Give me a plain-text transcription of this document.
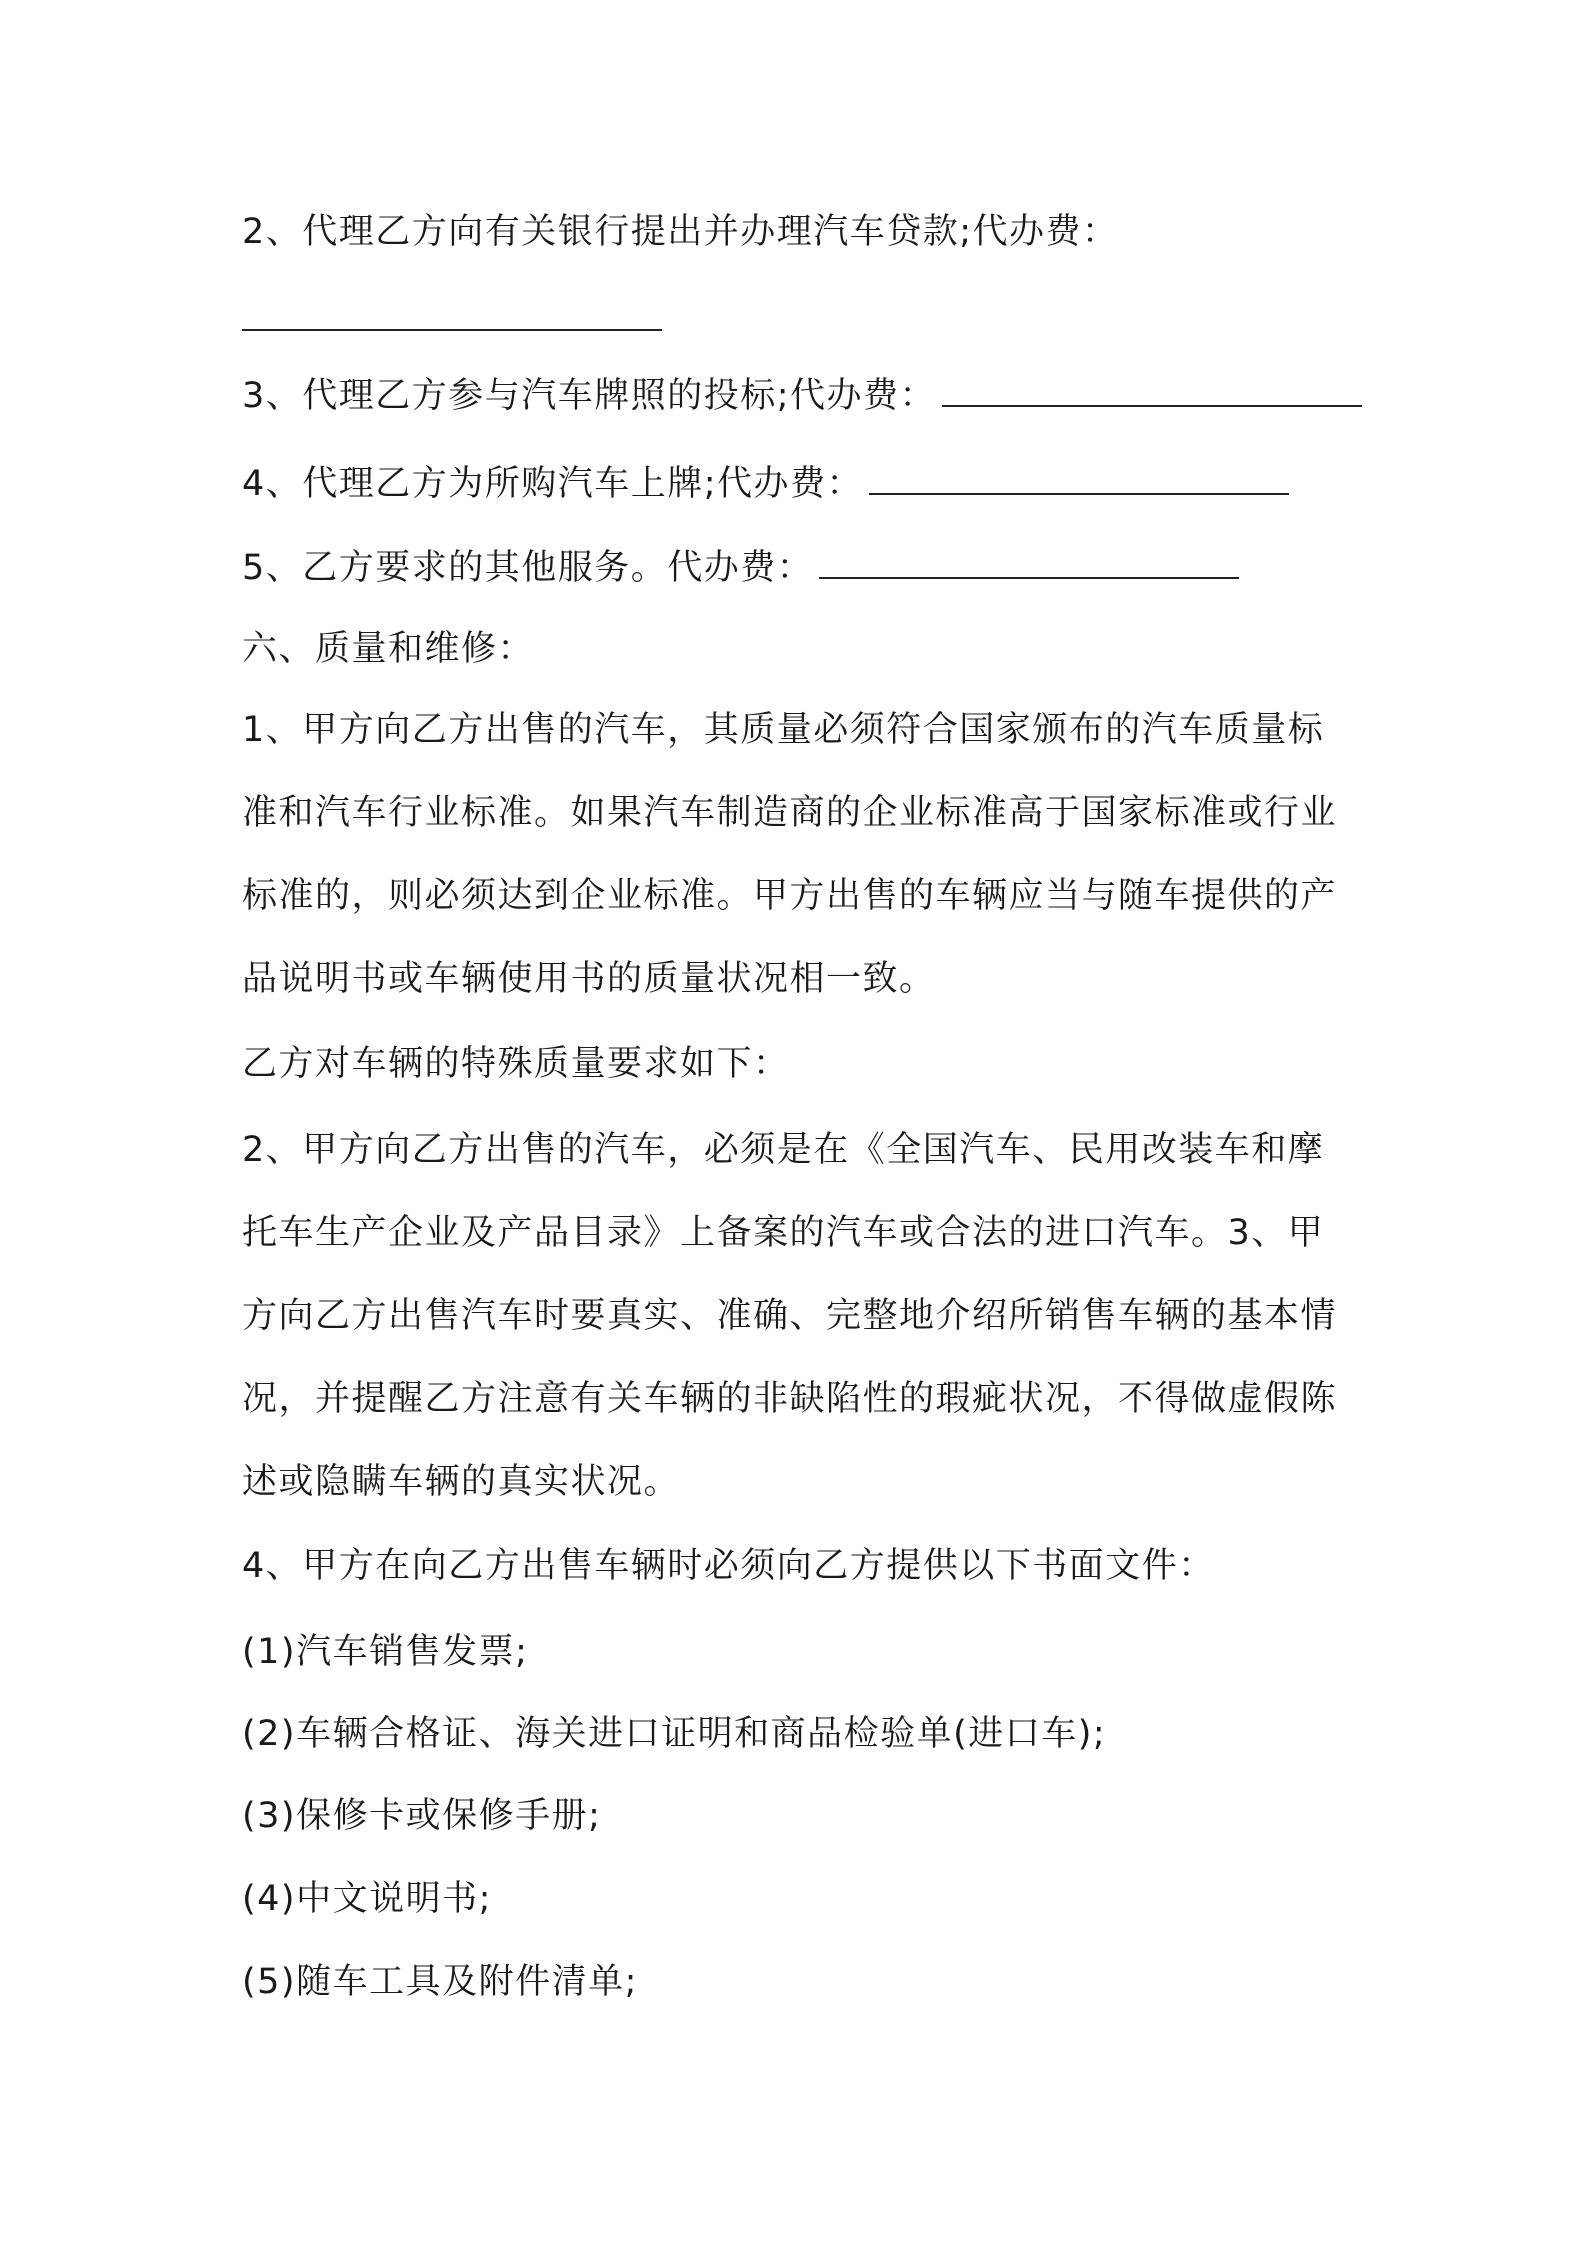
2、代理乙方向有关银行提出并办理汽车贷款;代办费：
3、代理乙方参与汽车牌照的投标;代办费：
4、代理乙方为所购汽车上牌;代办费：
5、乙方要求的其他服务。代办费：
六、质量和维修：
1、甲方向乙方出售的汽车，其质量必须符合国家颁布的汽车质量标
准和汽车行业标准。如果汽车制造商的企业标准高于国家标准或行业
标准的，则必须达到企业标准。甲方出售的车辆应当与随车提供的产
品说明书或车辆使用书的质量状况相一致。
乙方对车辆的特殊质量要求如下：
2、甲方向乙方出售的汽车，必须是在《全国汽车、民用改装车和摩
托车生产企业及产品目录》上备案的汽车或合法的进口汽车。3、甲
方向乙方出售汽车时要真实、准确、完整地介绍所销售车辆的基本情
况，并提醒乙方注意有关车辆的非缺陷性的瑕疵状况，不得做虚假陈
述或隐瞒车辆的真实状况。
4、甲方在向乙方出售车辆时必须向乙方提供以下书面文件：
(1)汽车销售发票;
(2)车辆合格证、海关进口证明和商品检验单(进口车);
(3)保修卡或保修手册;
(4)中文说明书;
(5)随车工具及附件清单;
